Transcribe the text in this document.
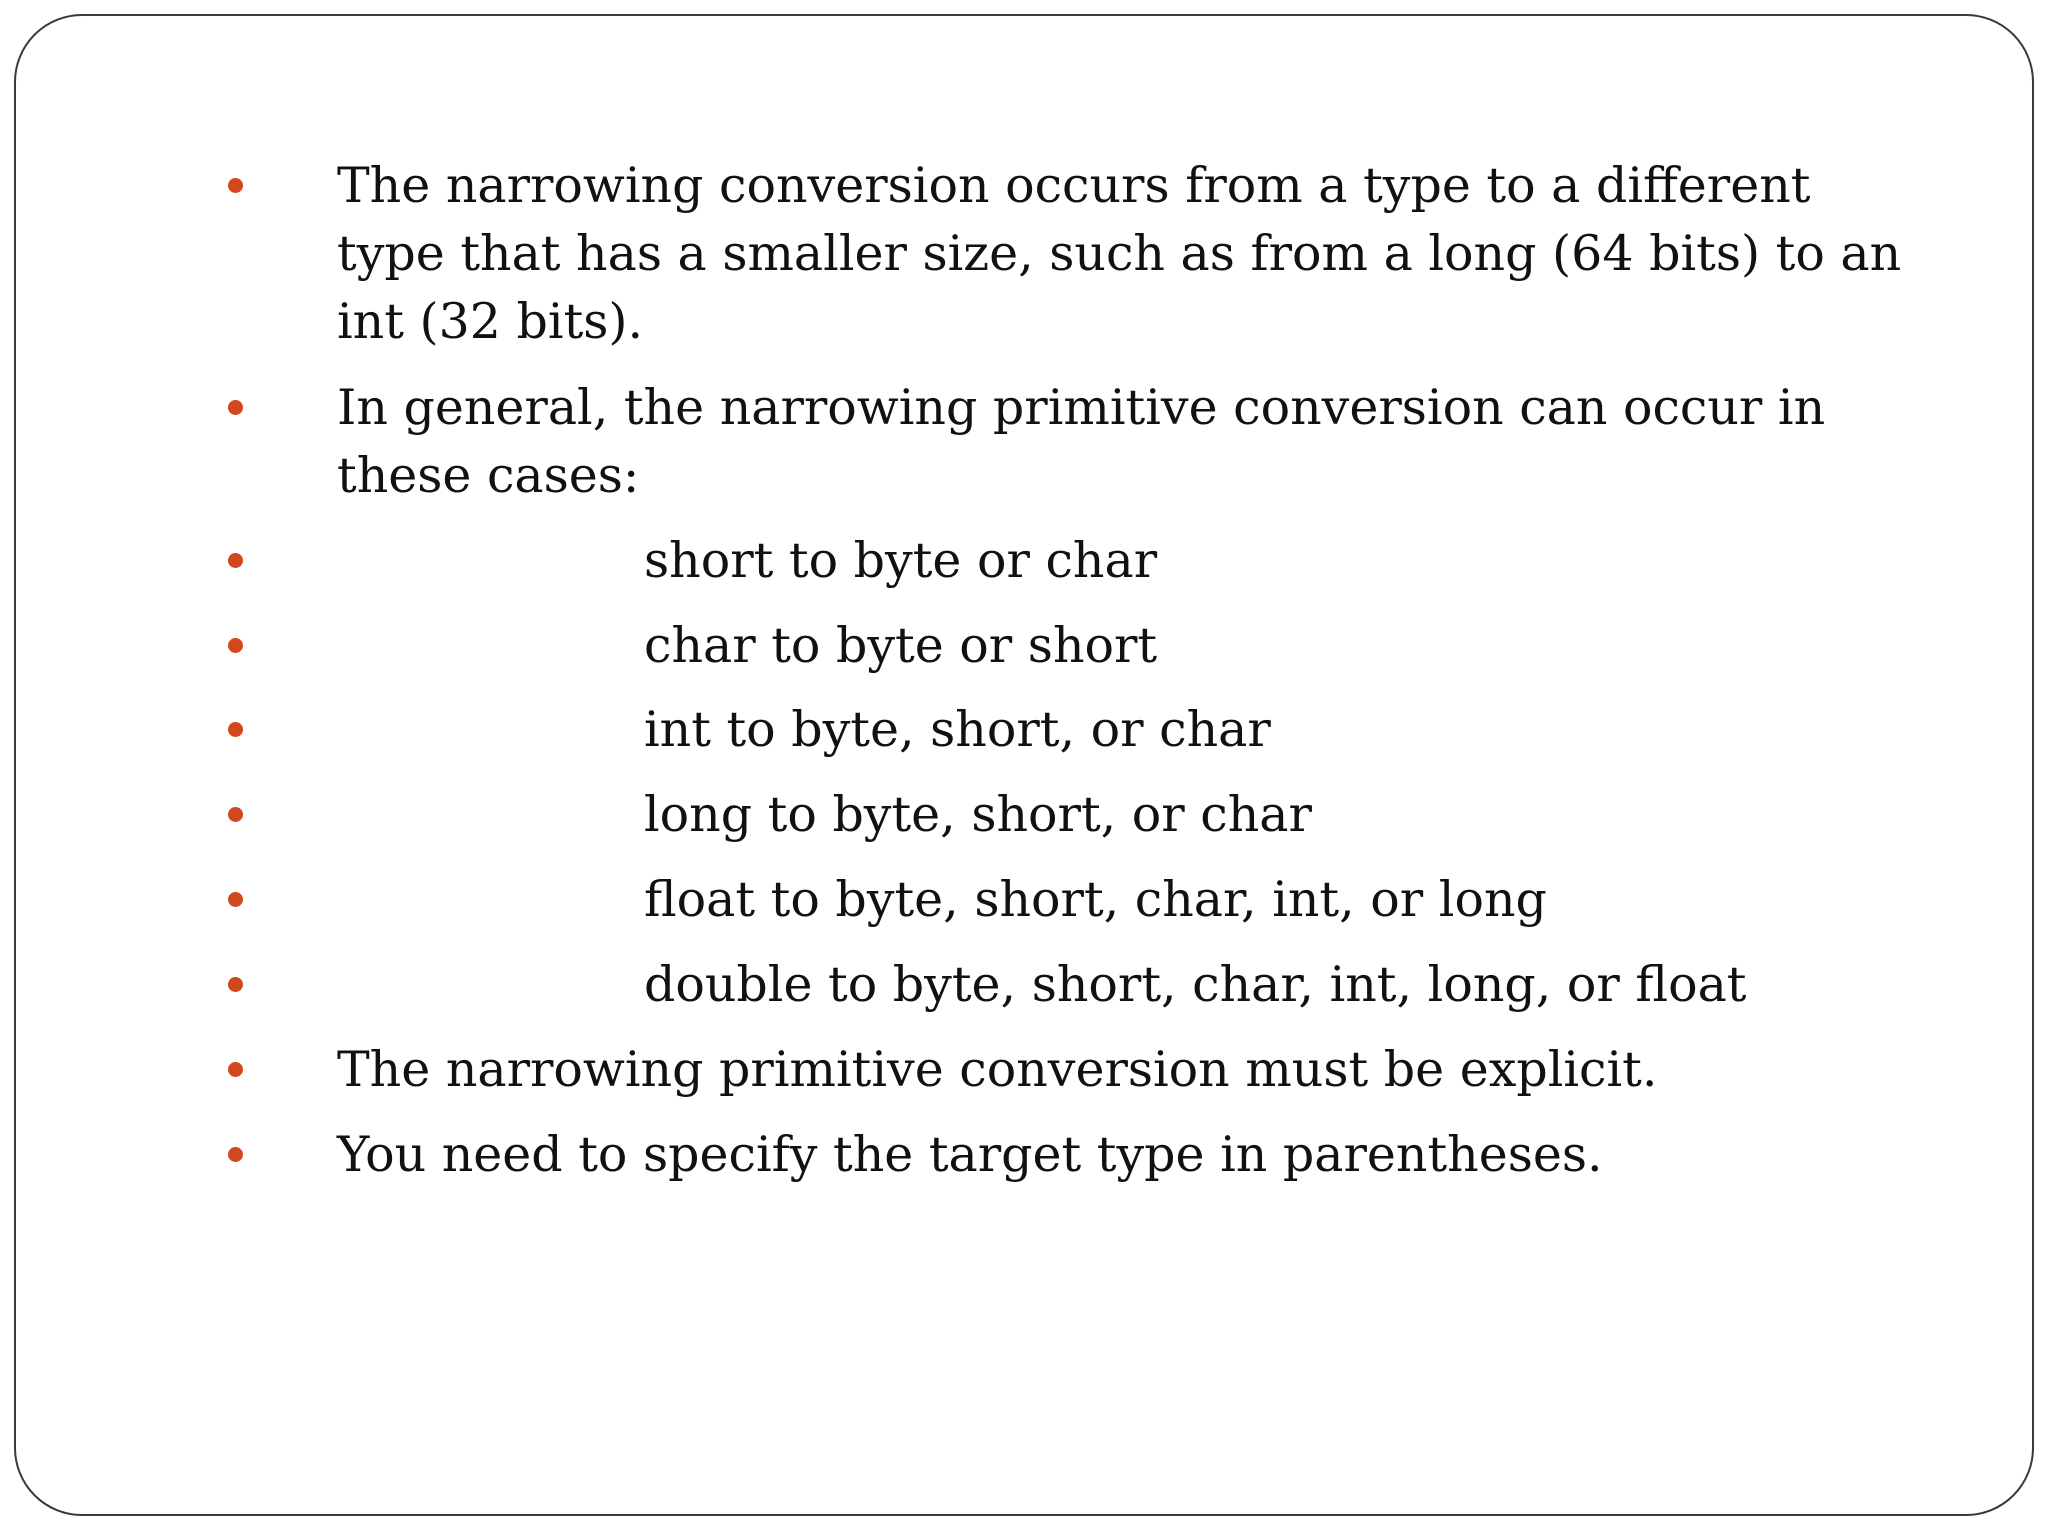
The narrowing conversion occurs from a type to a different type that has a smaller size, such as from a long (64 bits) to an int (32 bits).
In general, the narrowing primitive conversion can occur in these cases:
short to byte or char
char to byte or short
int to byte, short, or char
long to byte, short, or char
float to byte, short, char, int, or long
double to byte, short, char, int, long, or float
The narrowing primitive conversion must be explicit.
You need to specify the target type in parentheses.
